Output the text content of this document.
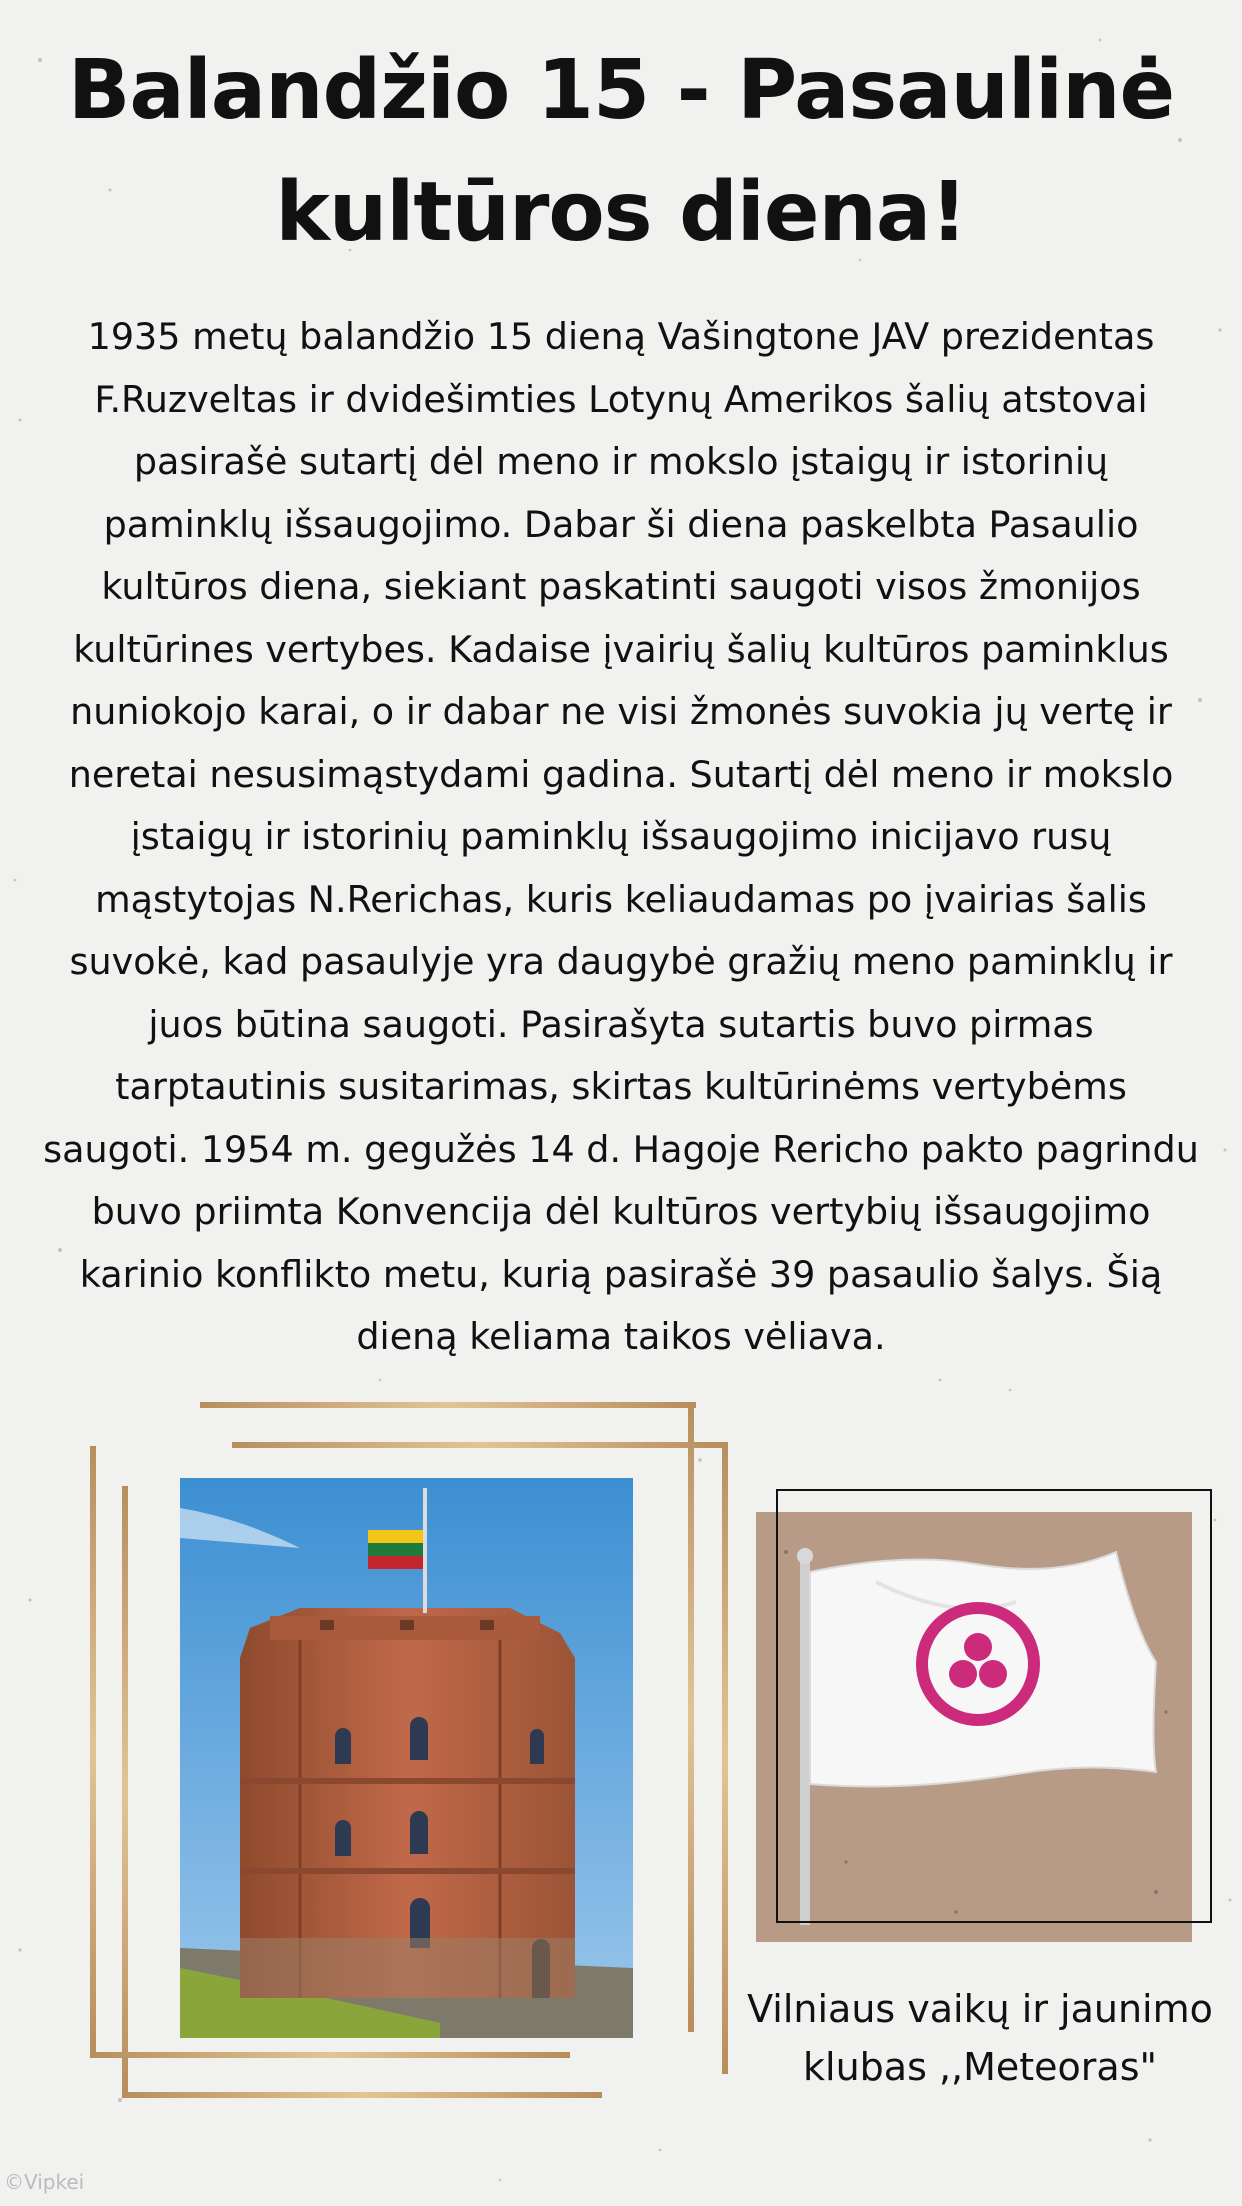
Balandžio 15 - Pasaulinė
kultūros diena!

1935 metų balandžio 15 dieną Vašingtone JAV prezidentas
F.Ruzveltas ir dvidešimties Lotynų Amerikos šalių atstovai
pasirašė sutartį dėl meno ir mokslo įstaigų ir istorinių
paminklų išsaugojimo. Dabar ši diena paskelbta Pasaulio
kultūros diena, siekiant paskatinti saugoti visos žmonijos
kultūrines vertybes. Kadaise įvairių šalių kultūros paminklus
nuniokojo karai, o ir dabar ne visi žmonės suvokia jų vertę ir
neretai nesusimąstydami gadina. Sutartį dėl meno ir mokslo
įstaigų ir istorinių paminklų išsaugojimo inicijavo rusų
mąstytojas N.Rerichas, kuris keliaudamas po įvairias šalis
suvokė, kad pasaulyje yra daugybė gražių meno paminklų ir
juos būtina saugoti. Pasirašyta sutartis buvo pirmas
tarptautinis susitarimas, skirtas kultūrinėms vertybėms
saugoti. 1954 m. gegužės 14 d. Hagoje Rericho pakto pagrindu
buvo priimta Konvencija dėl kultūros vertybių išsaugojimo
karinio konflikto metu, kurią pasirašė 39 pasaulio šalys. Šią
dieną keliama taikos vėliava.

Vilniaus vaikų ir jaunimo
klubas ,,Meteoras"

©Vipkei
